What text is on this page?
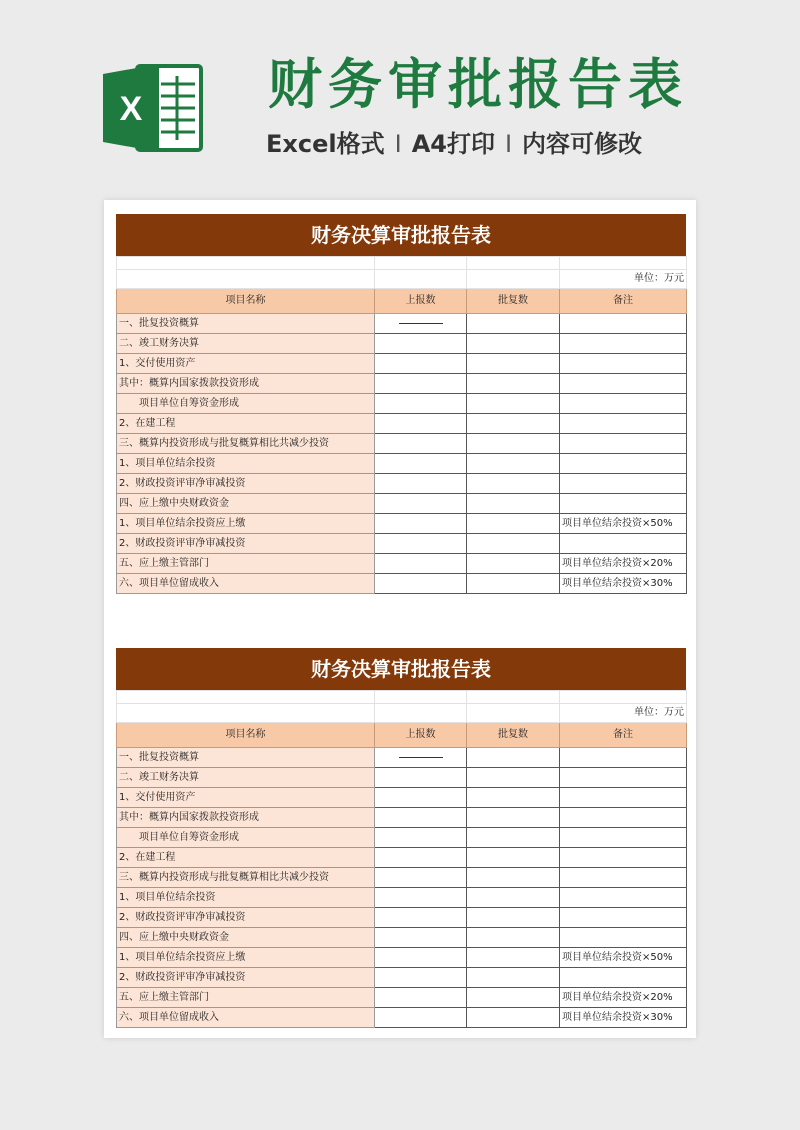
X 财务审批报告表
Excel格式 I A4打印 I 内容可修改
财务决算审批报告表

			单位：万元
项目名称	上报数	批复数	备注
一、批复投资概算	

二、竣工财务决算			
1、交付使用资产			
其中：概算内国家拨款投资形成			
项目单位自筹资金形成			
2、在建工程			
三、概算内投资形成与批复概算相比共减少投资			
1、项目单位结余投资			
2、财政投资评审净审减投资			
四、应上缴中央财政资金			
1、项目单位结余投资应上缴			项目单位结余投资×50%
2、财政投资评审净审减投资			
五、应上缴主管部门			项目单位结余投资×20%
六、项目单位留成收入			项目单位结余投资×30%
财务决算审批报告表

			单位：万元
项目名称	上报数	批复数	备注
一、批复投资概算	

二、竣工财务决算			
1、交付使用资产			
其中：概算内国家拨款投资形成			
项目单位自筹资金形成			
2、在建工程			
三、概算内投资形成与批复概算相比共减少投资			
1、项目单位结余投资			
2、财政投资评审净审减投资			
四、应上缴中央财政资金			
1、项目单位结余投资应上缴			项目单位结余投资×50%
2、财政投资评审净审减投资			
五、应上缴主管部门			项目单位结余投资×20%
六、项目单位留成收入			项目单位结余投资×30%
